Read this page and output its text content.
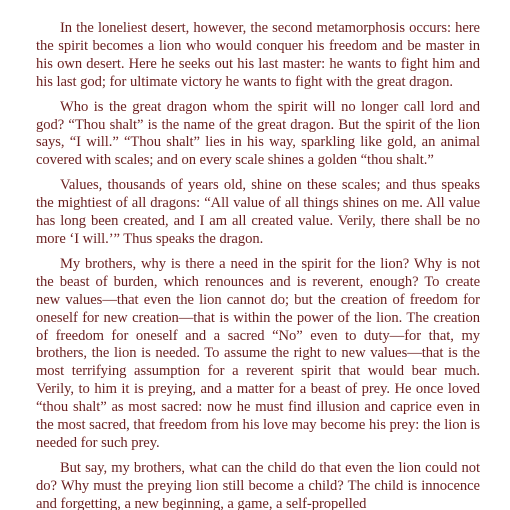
In the loneliest desert, however, the second metamorphosis occurs: here the spirit becomes a lion who would conquer his freedom and be master in his own desert. Here he seeks out his last master: he wants to fight him and his last god; for ultimate victory he wants to fight with the great dragon.

Who is the great dragon whom the spirit will no longer call lord and god? “Thou shalt” is the name of the great dragon. But the spirit of the lion says, “I will.” “Thou shalt” lies in his way, sparkling like gold, an animal covered with scales; and on every scale shines a golden “thou shalt.”

Values, thousands of years old, shine on these scales; and thus speaks the mightiest of all dragons: “All value of all things shines on me. All value has long been created, and I am all created value. Verily, there shall be no more ‘I will.’” Thus speaks the dragon.

My brothers, why is there a need in the spirit for the lion? Why is not the beast of burden, which renounces and is reverent, enough? To create new values—that even the lion cannot do; but the creation of freedom for oneself for new creation—that is within the power of the lion. The creation of freedom for oneself and a sacred “No” even to duty—for that, my brothers, the lion is needed. To assume the right to new values—that is the most terrifying assumption for a reverent spirit that would bear much. Verily, to him it is preying, and a matter for a beast of prey. He once loved “thou shalt” as most sacred: now he must find illusion and caprice even in the most sacred, that freedom from his love may become his prey: the lion is needed for such prey.

But say, my brothers, what can the child do that even the lion could not do? Why must the preying lion still become a child? The child is innocence and forgetting, a new beginning, a game, a self-propelled
